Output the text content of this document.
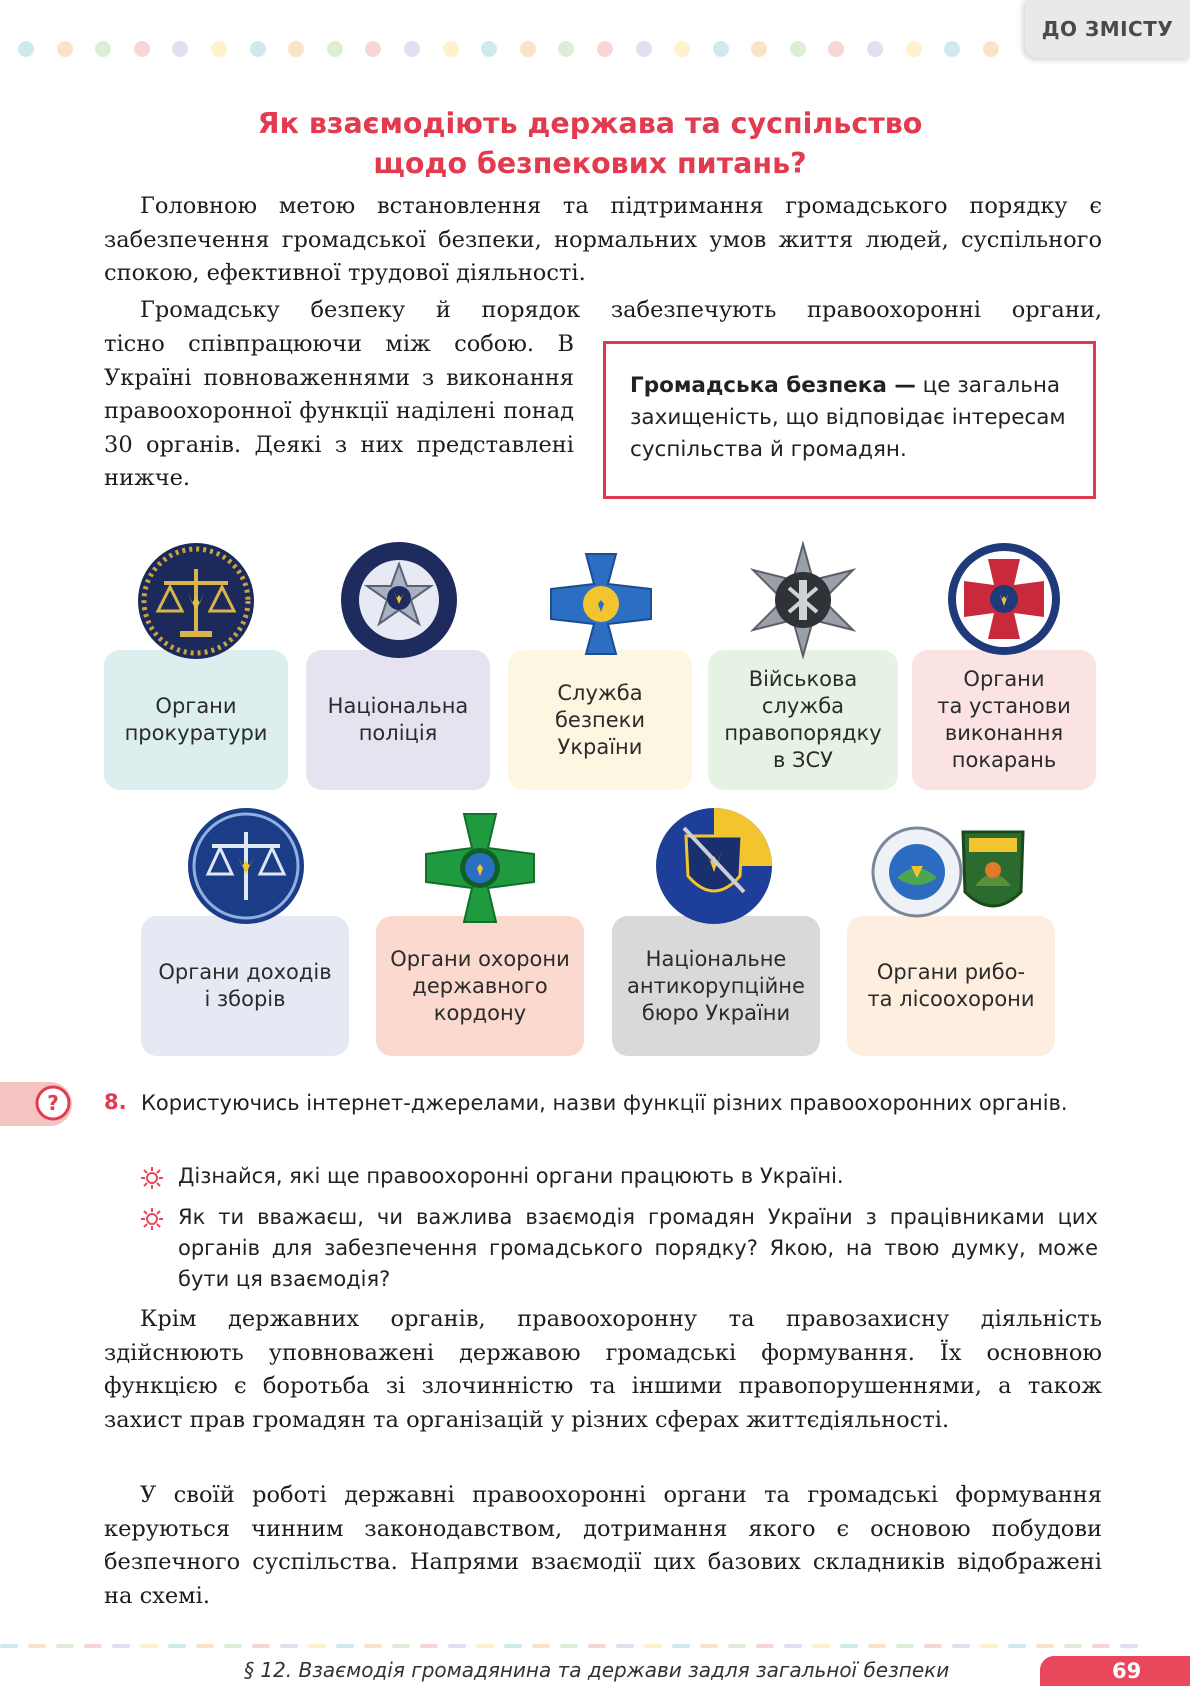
ДО ЗМІСТУ
Як взаємодіють держава та суспільство
щодо безпекових питань?

Головною метою встановлення та підтримання громадського порядку є забезпечення громадської безпеки, нормальних умов життя людей, суспільного спокою, ефективної трудової діяльності.

Громадську безпеку й порядок забезпечують правоохоронні органи,

тісно співпрацюючи між собою. В Україні повноваженнями з виконання правоохоронної функції наділені понад 30 органів. Деякі з них представлені нижче.

Громадська безпека — це загальна захищеність, що відповідає інтересам суспільства й громадян.
Органи
прокуратури
Національна
поліція
Служба
безпеки
України
Військова
служба
правопорядку
в ЗСУ
Органи
та установи
виконання
покарань
Органи доходів
і зборів
Органи охорони
державного
кордону
Національне
антикорупційне
бюро України
Органи рибо-
та лісоохорони
? 8. Користуючись інтернет-джерелами, назви функції різних правоохоронних органів.

Дізнайся, які ще правоохоронні органи працюють в Україні.

Як ти вважаєш, чи важлива взаємодія громадян України з працівниками цих органів для забезпечення громадського порядку? Якою, на твою думку, може бути ця взаємодія?

Крім державних органів, правоохоронну та правозахисну діяльність здійснюють уповноважені державою громадські формування. Їх основною функцією є боротьба зі злочинністю та іншими правопорушеннями, а також захист прав громадян та організацій у різних сферах життєдіяльності.

У своїй роботі державні правоохоронні органи та громадські формування керуються чинним законодавством, дотримання якого є основою побудови безпечного суспільства. Напрями взаємодії цих базових складників відображені на схемі.

§ 12. Взаємодія громадянина та держави задля загальної безпеки	69
